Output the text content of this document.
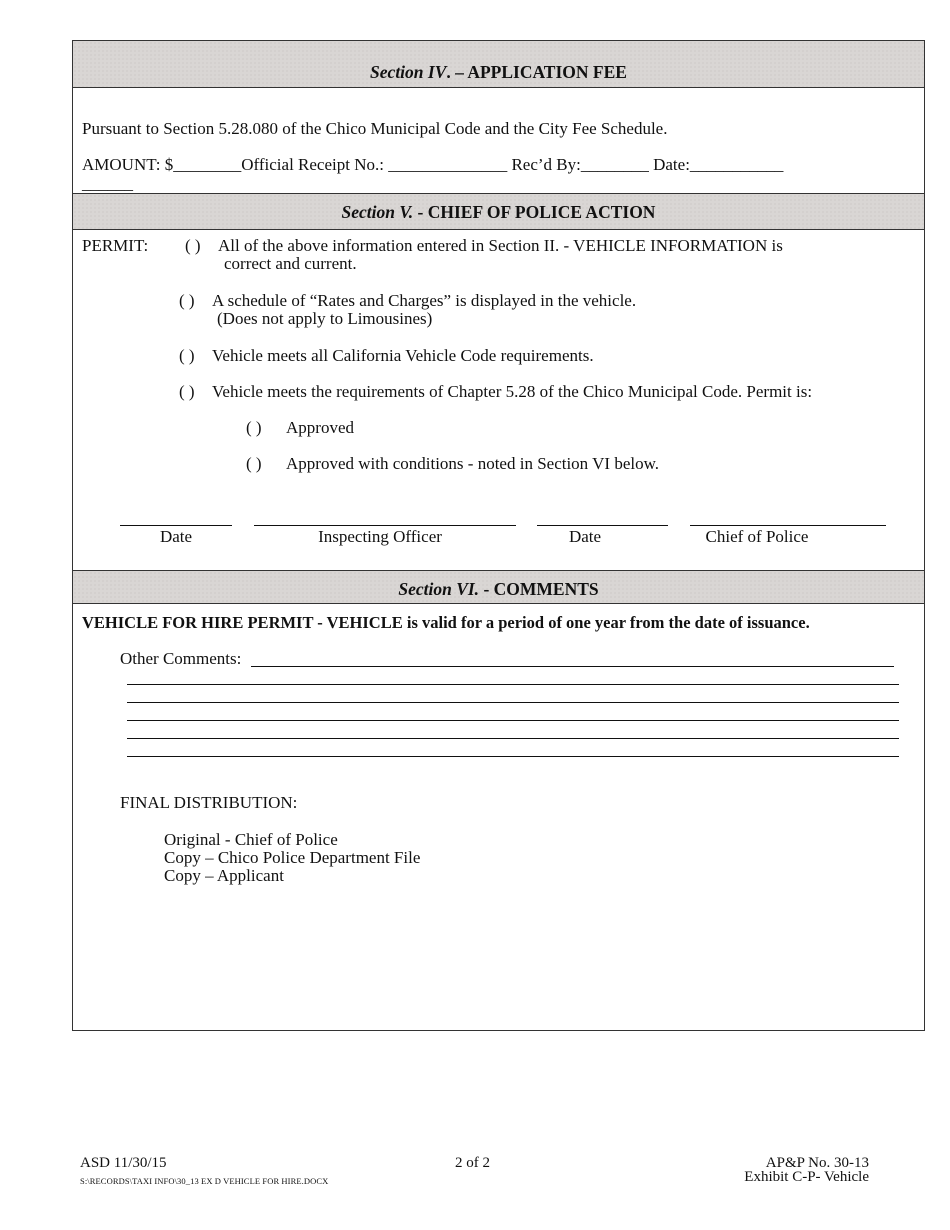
Section IV. – APPLICATION FEE
Pursuant to Section 5.28.080 of the Chico Municipal Code and the City Fee Schedule.
AMOUNT: $________Official Receipt No.: ______________ Rec’d By:________ Date:___________
______
Section V. - CHIEF OF POLICE ACTION
PERMIT: ( ) All of the above information entered in Section II. - VEHICLE INFORMATION is
correct and current.
( ) A schedule of “Rates and Charges” is displayed in the vehicle.
(Does not apply to Limousines)
( ) Vehicle meets all California Vehicle Code requirements.
( ) Vehicle meets the requirements of Chapter 5.28 of the Chico Municipal Code. Permit is:
( ) Approved
( ) Approved with conditions - noted in Section VI below.
Date	Inspecting Officer	Date	Chief of Police
Section VI. - COMMENTS
VEHICLE FOR HIRE PERMIT - VEHICLE is valid for a period of one year from the date of issuance.
Other Comments:
FINAL DISTRIBUTION:
Original - Chief of Police
Copy – Chico Police Department File
Copy – Applicant
ASD 11/30/15
S:\RECORDS\TAXI INFO\30_13 EX D VEHICLE FOR HIRE.DOCX
2 of 2	AP&P No. 30-13
Exhibit C-P- Vehicle
